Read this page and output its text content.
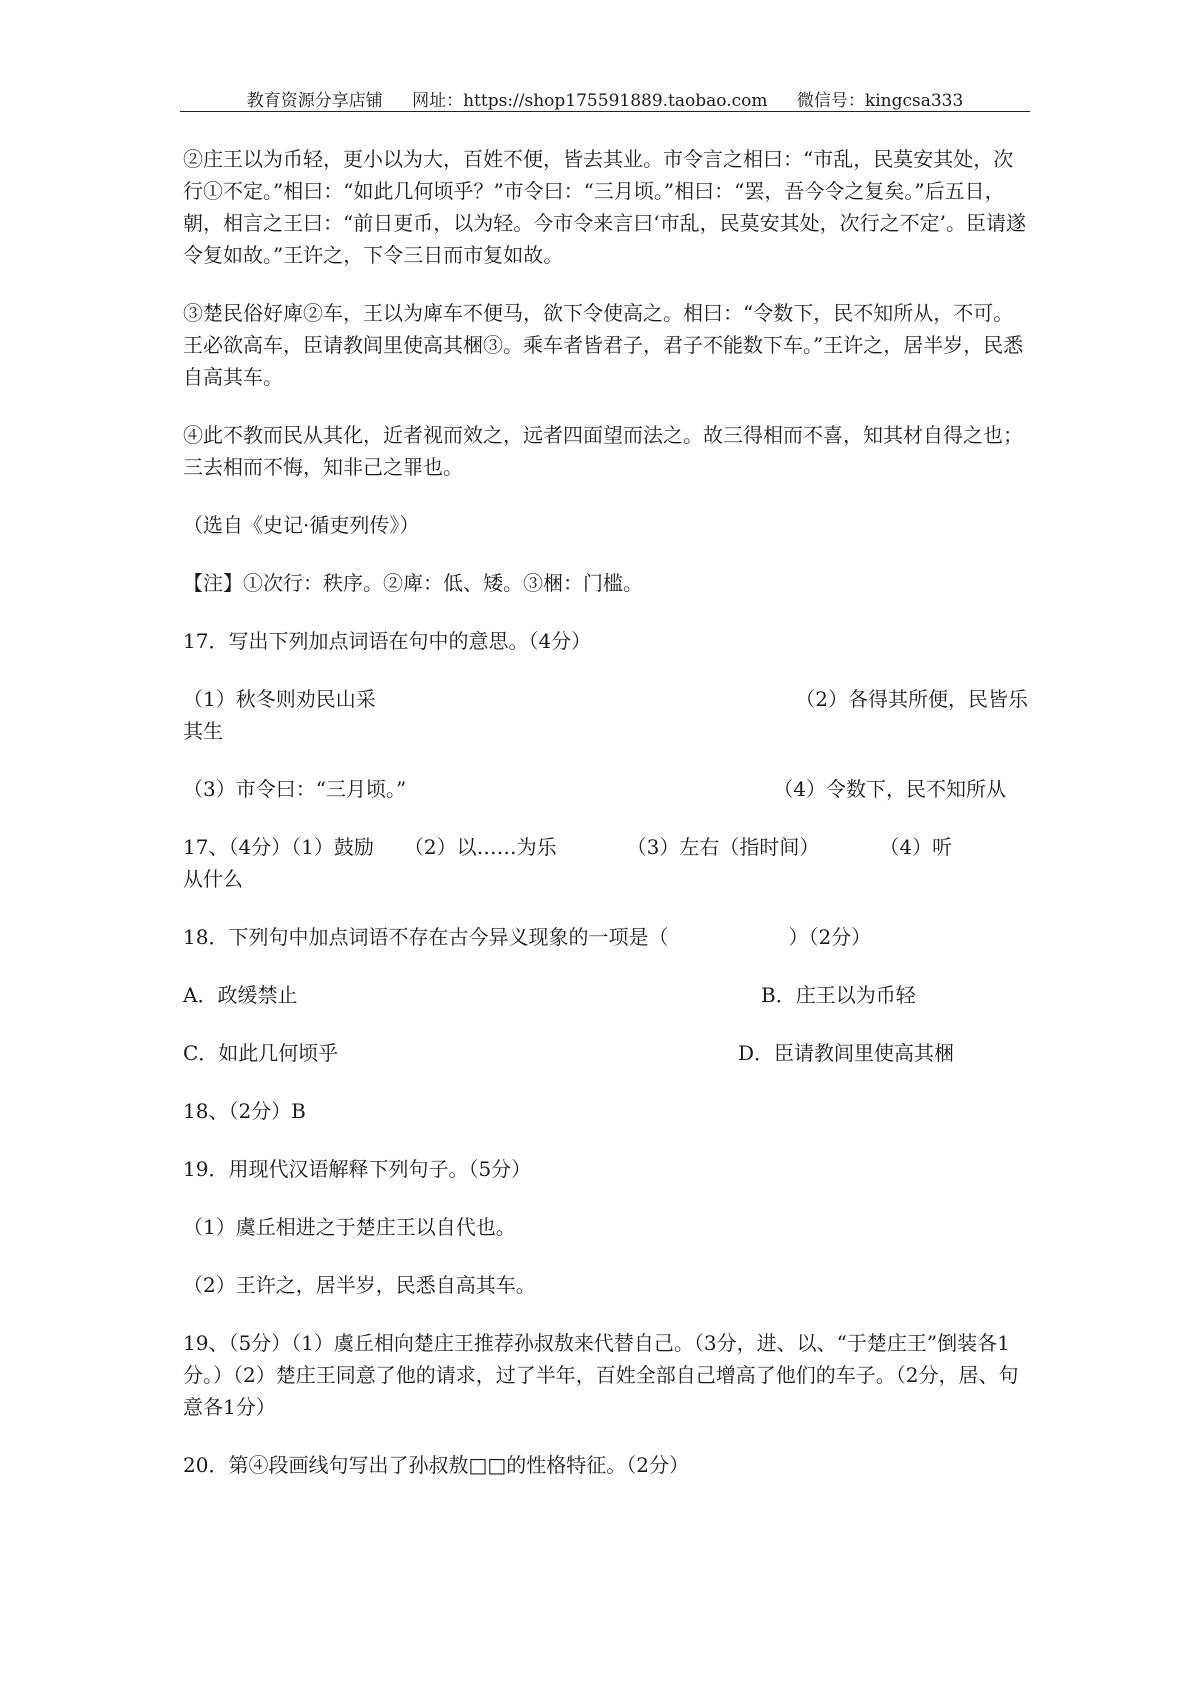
教育资源分享店铺 网址：https://shop175591889.taobao.com 微信号：kingcsa333

②庄王以为币轻，更小以为大，百姓不便，皆去其业。市令言之相曰：“市乱，民莫安其处，次行①不定。”相曰：“如此几何顷乎？”市令曰：“三月顷。”相曰：“罢，吾今令之复矣。”后五日，朝，相言之王曰：“前日更币，以为轻。今市令来言曰‘市乱，民莫安其处，次行之不定’。臣请遂令复如故。”王许之，下令三日而市复如故。

③楚民俗好庳②车，王以为庳车不便马，欲下令使高之。相曰：“令数下，民不知所从，不可。王必欲高车，臣请教闾里使高其梱③。乘车者皆君子，君子不能数下车。”王许之，居半岁，民悉自高其车。

④此不教而民从其化，近者视而效之，远者四面望而法之。故三得相而不喜，知其材自得之也；三去相而不悔，知非己之罪也。

（选自《史记·循吏列传》）

【注】①次行：秩序。②庳：低、矮。③梱：门槛。

17．写出下列加点词语在句中的意思。（4分）

（1）秋冬则劝民山采	（2）各得其所便，民皆乐

其生

（3）市令曰：“三月顷。”	（4）令数下，民不知所从

17、（4分）（1）鼓励　　（2）以……为乐　　　　（3）左右（指时间）　　　　（4）听

从什么

18．下列句中加点词语不存在古今异义现象的一项是（　　　　　　）（2分）

A．政缓禁止	B．庄王以为币轻
C．如此几何顷乎	D．臣请教闾里使高其梱

18、（2分）B

19．用现代汉语解释下列句子。（5分）

（1）虞丘相进之于楚庄王以自代也。

（2）王许之，居半岁，民悉自高其车。

19、（5分）（1）虞丘相向楚庄王推荐孙叔敖来代替自己。（3分，进、以、“于楚庄王”倒装各1分。）（2）楚庄王同意了他的请求，过了半年，百姓全部自己增高了他们的车子。（2分，居、句意各1分）

20．第④段画线句写出了孙叔敖□□的性格特征。（2分）
